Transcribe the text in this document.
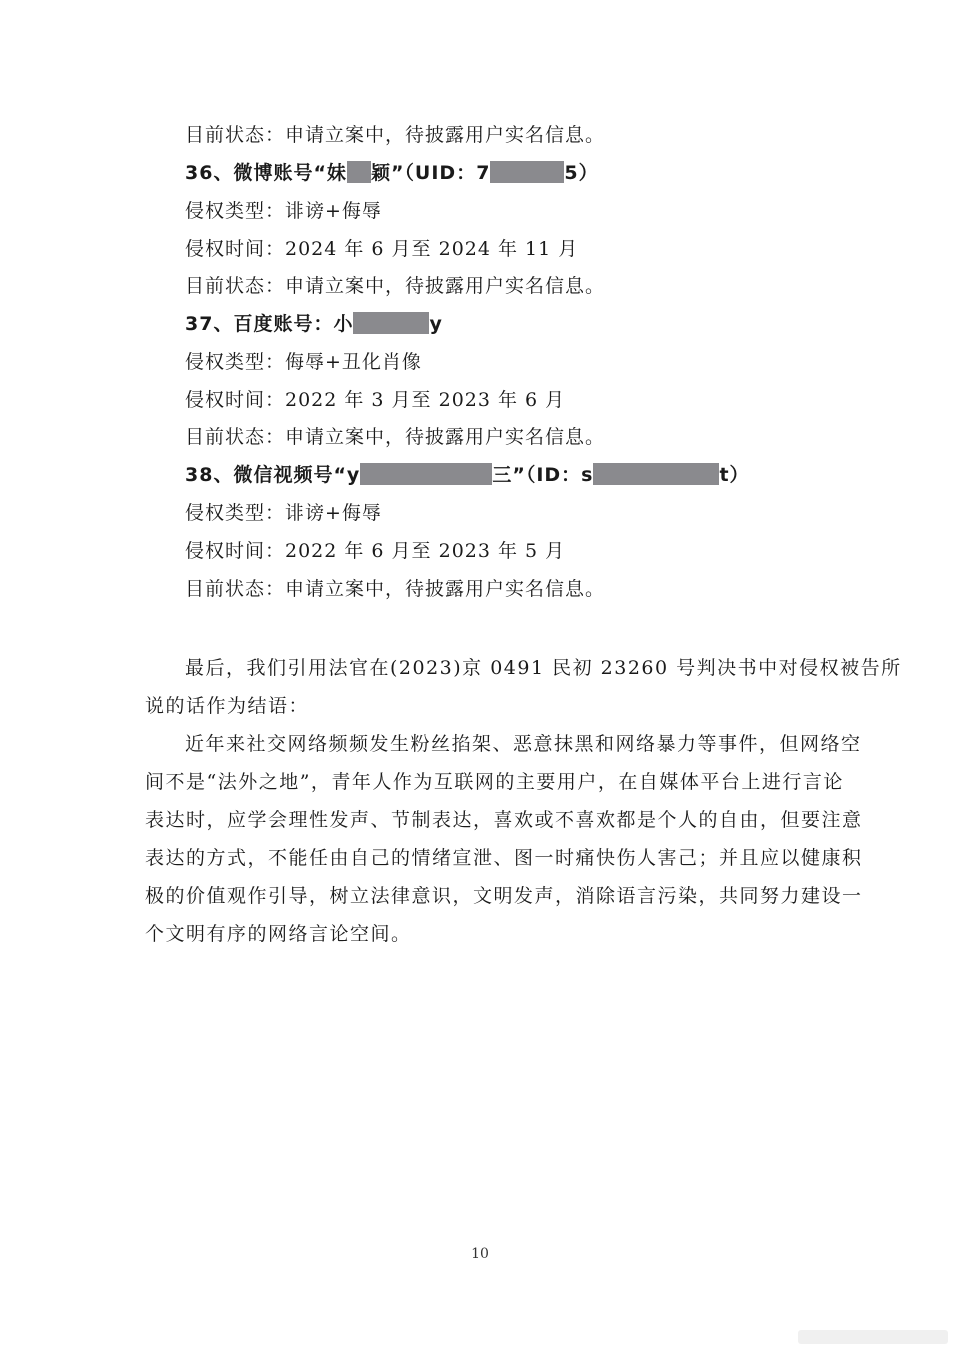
目前状态：申请立案中，待披露用户实名信息。
36、微博账号“妹 颖”（UID：7	5）
侵权类型：诽谤+侮辱
侵权时间：2024 年 6 月至 2024 年 11 月
目前状态：申请立案中，待披露用户实名信息。
37、百度账号：小	y
侵权类型：侮辱+丑化肖像
侵权时间：2022 年 3 月至 2023 年 6 月
目前状态：申请立案中，待披露用户实名信息。
38、微信视频号“y	三”（ID：s	t）
侵权类型：诽谤+侮辱
侵权时间：2022 年 6 月至 2023 年 5 月
目前状态：申请立案中，待披露用户实名信息。
最后，我们引用法官在(2023)京 0491 民初 23260 号判决书中对侵权被告所
说的话作为结语：
近年来社交网络频频发生粉丝掐架、恶意抹黑和网络暴力等事件，但网络空
间不是“法外之地”，青年人作为互联网的主要用户，在自媒体平台上进行言论
表达时，应学会理性发声、节制表达，喜欢或不喜欢都是个人的自由，但要注意
表达的方式，不能任由自己的情绪宣泄、图一时痛快伤人害己；并且应以健康积
极的价值观作引导，树立法律意识，文明发声，消除语言污染，共同努力建设一
个文明有序的网络言论空间。
10
